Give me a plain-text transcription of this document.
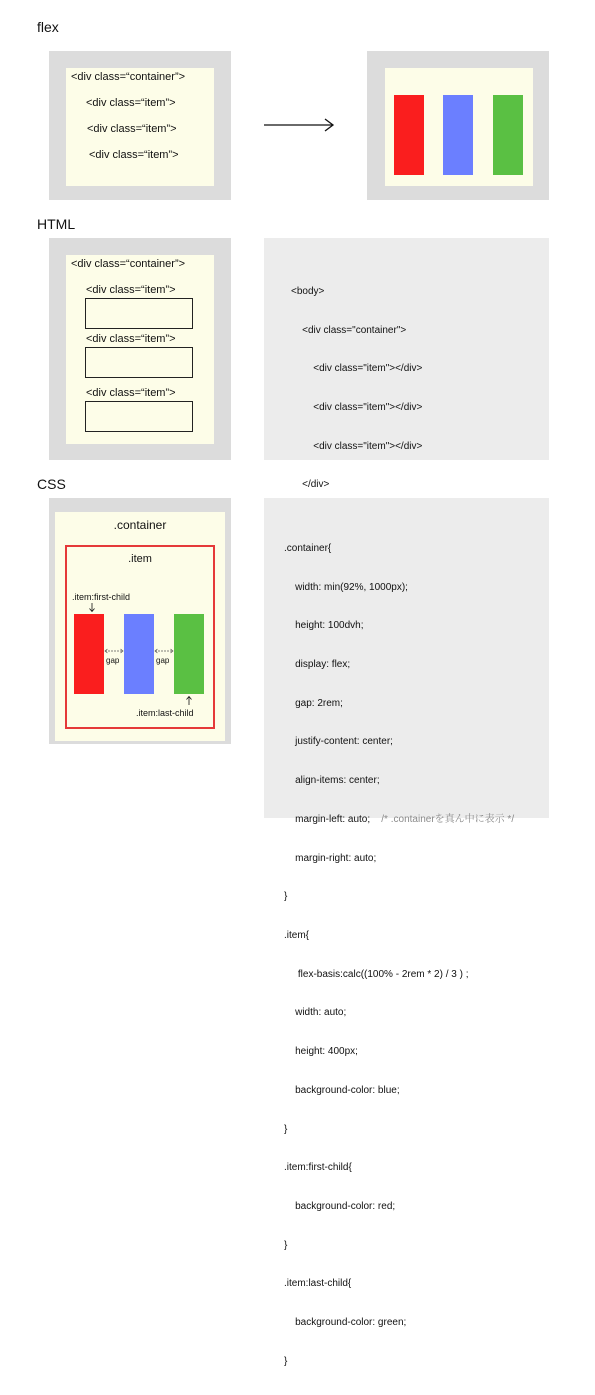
flex
<div class=“container”>
<div class=“item”>
<div class=“item”>
<div class=“item”>
HTML
<div class=“container”>
<div class=“item”>
<div class=“item”>
<div class=“item”>

<body>

<div class="container">

<div class="item"></div>

<div class="item"></div>

<div class="item"></div>

</div>

CSS
.container
.item
.item:first-child
gap	gap
.item:last-child

.container{

width: min(92%, 1000px);

height: 100dvh;

display: flex;

gap: 2rem;

justify-content: center;

align-items: center;

margin-left: auto; /* .containerを真ん中に表示 */

margin-right: auto;

}

.item{

flex-basis:calc((100% - 2rem * 2) / 3 ) ;

width: auto;

height: 400px;

background-color: blue;

}

.item:first-child{

background-color: red;

}

.item:last-child{

background-color: green;

}
